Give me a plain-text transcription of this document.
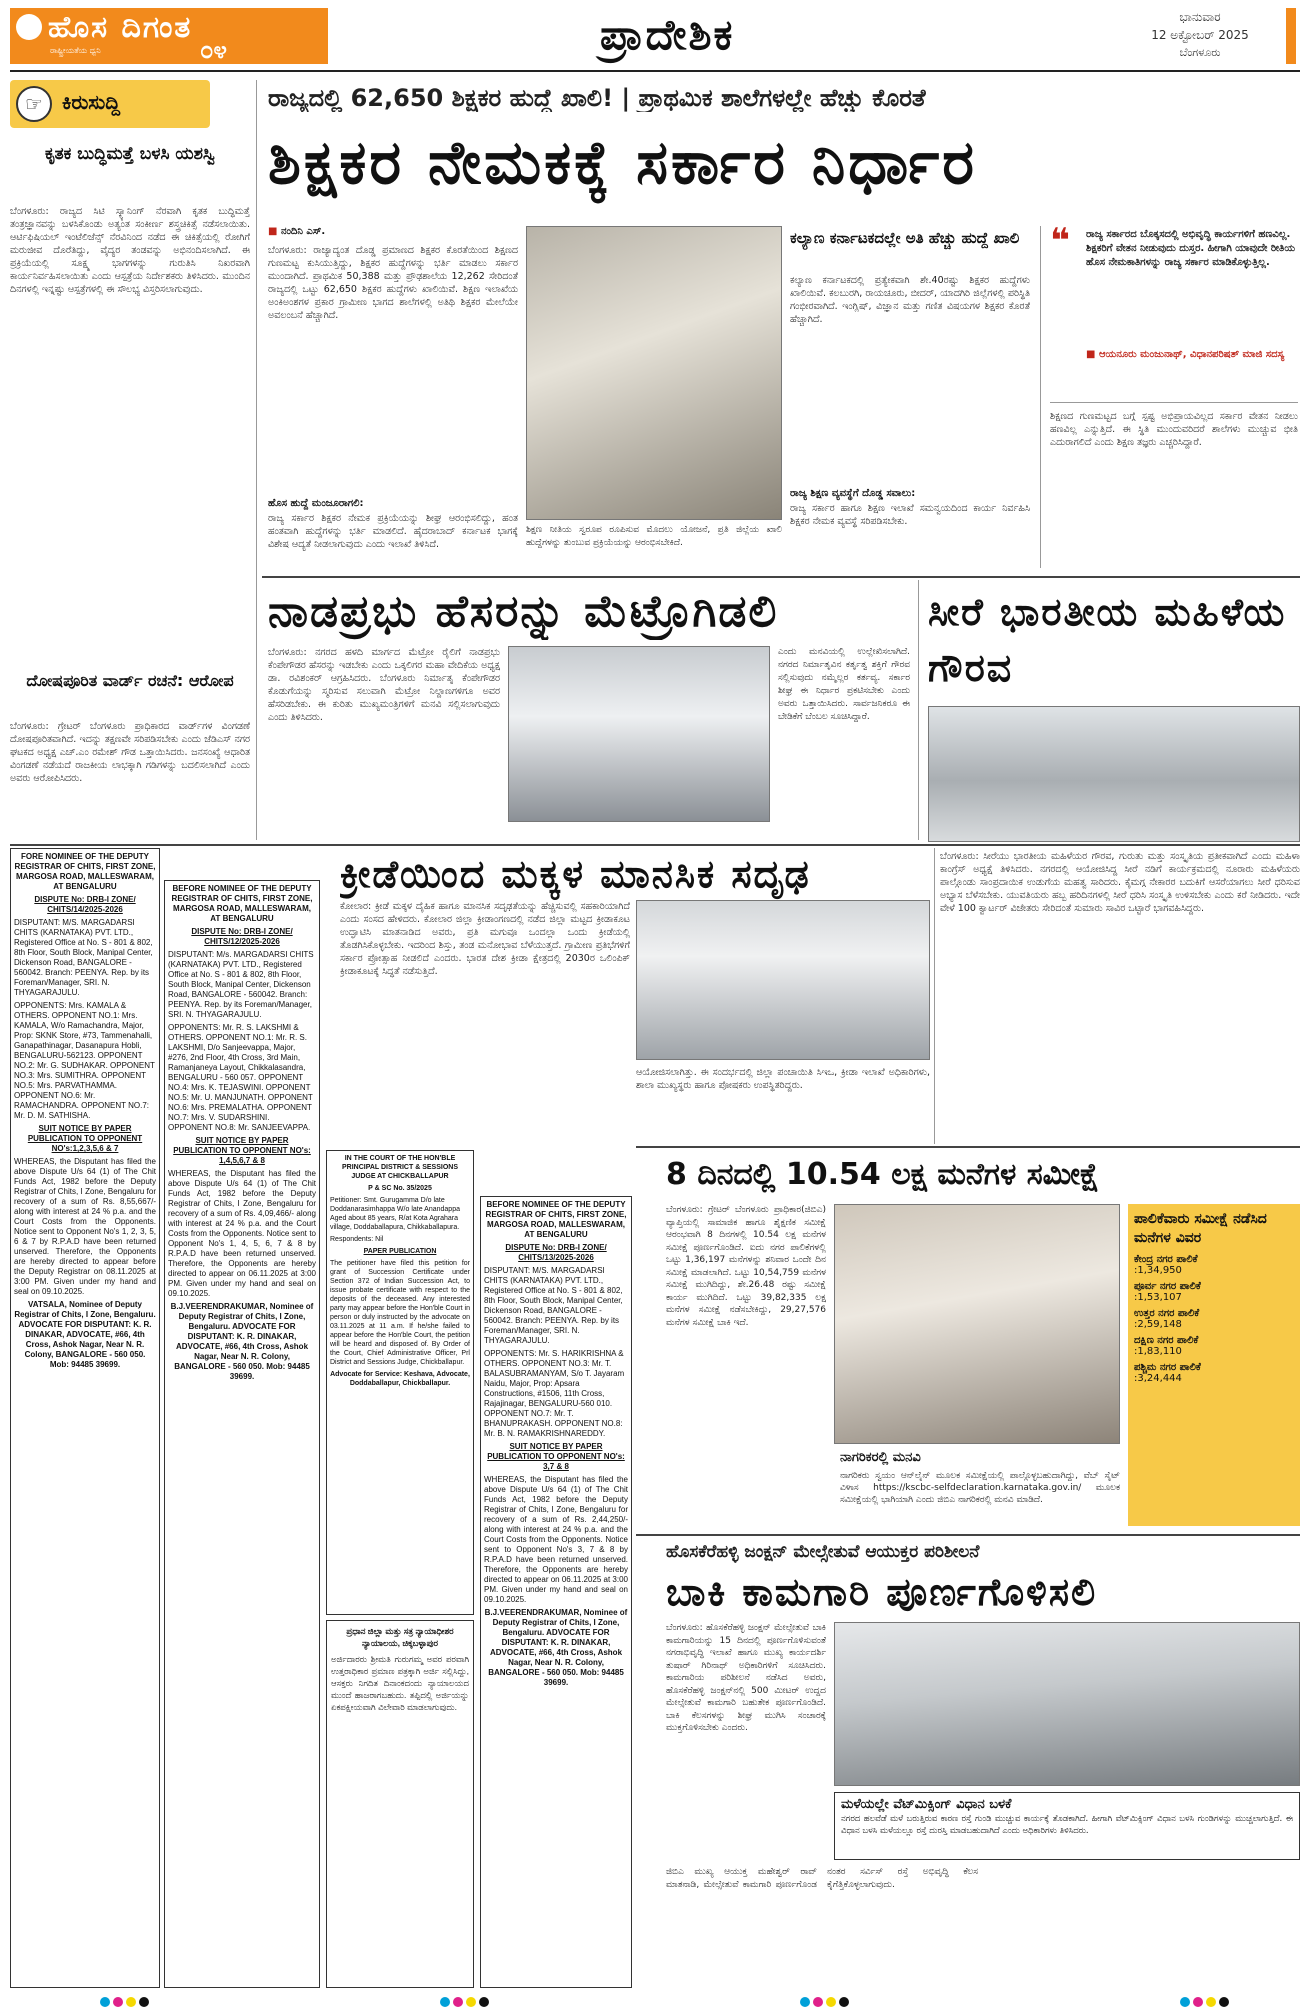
ಹೊಸ ದಿಗಂತ
ರಾಷ್ಟ್ರೀಯತೆಯ ಧ್ವನಿ	೦೪	ಪ್ರಾದೇಶಿಕ	ಭಾನುವಾರ
12 ಅಕ್ಟೋಬರ್ 2025
ಬೆಂಗಳೂರು
☞ ಕಿರುಸುದ್ದಿ
ಕೃತಕ ಬುದ್ಧಿಮತ್ತೆ ಬಳಸಿ ಯಶಸ್ವಿ
ಬೆಂಗಳೂರು: ರಾಜ್ಯದ ಸಿಟಿ ಸ್ಕ್ಯಾನಿಂಗ್ ನೆರವಾಗಿ ಕೃತಕ ಬುದ್ಧಿಮತ್ತೆ ತಂತ್ರಜ್ಞಾನವನ್ನು ಬಳಸಿಕೊಂಡು ಅತ್ಯಂತ ಸಂಕೀರ್ಣ ಶಸ್ತ್ರಚಿಕಿತ್ಸೆ ನಡೆಸಲಾಯಿತು. ಆರ್ಟಿಫಿಷಿಯಲ್ ಇಂಟೆಲಿಜೆನ್ಸ್ ನೆರವಿನಿಂದ ನಡೆದ ಈ ಚಿಕಿತ್ಸೆಯಲ್ಲಿ ರೋಗಿಗೆ ಮರುಜೀವ ದೊರೆತಿದ್ದು, ವೈದ್ಯರ ತಂಡವನ್ನು ಅಭಿನಂದಿಸಲಾಗಿದೆ. ಈ ಪ್ರಕ್ರಿಯೆಯಲ್ಲಿ ಸೂಕ್ಷ್ಮ ಭಾಗಗಳನ್ನು ಗುರುತಿಸಿ ನಿಖರವಾಗಿ ಕಾರ್ಯನಿರ್ವಹಿಸಲಾಯಿತು ಎಂದು ಆಸ್ಪತ್ರೆಯ ನಿರ್ದೇಶಕರು ತಿಳಿಸಿದರು. ಮುಂದಿನ ದಿನಗಳಲ್ಲಿ ಇನ್ನಷ್ಟು ಆಸ್ಪತ್ರೆಗಳಲ್ಲಿ ಈ ಸೌಲಭ್ಯ ವಿಸ್ತರಿಸಲಾಗುವುದು.
ದೋಷಪೂರಿತ ವಾರ್ಡ್ ರಚನೆ: ಆರೋಪ
ಬೆಂಗಳೂರು: ಗ್ರೇಟರ್ ಬೆಂಗಳೂರು ಪ್ರಾಧಿಕಾರದ ವಾರ್ಡ್‌ಗಳ ವಿಂಗಡಣೆ ದೋಷಪೂರಿತವಾಗಿದೆ. ಇದನ್ನು ತಕ್ಷಣವೇ ಸರಿಪಡಿಸಬೇಕು ಎಂದು ಜೆಡಿಎಸ್ ನಗರ ಘಟಕದ ಅಧ್ಯಕ್ಷ ಎಚ್.ಎಂ ರಮೇಶ್ ಗೌಡ ಒತ್ತಾಯಿಸಿದರು. ಜನಸಂಖ್ಯೆ ಆಧಾರಿತ ವಿಂಗಡಣೆ ನಡೆಯದೆ ರಾಜಕೀಯ ಲಾಭಕ್ಕಾಗಿ ಗಡಿಗಳನ್ನು ಬದಲಿಸಲಾಗಿದೆ ಎಂದು ಅವರು ಆರೋಪಿಸಿದರು.
ರಾಜ್ಯದಲ್ಲಿ 62,650 ಶಿಕ್ಷಕರ ಹುದ್ದೆ ಖಾಲಿ! | ಪ್ರಾಥಮಿಕ ಶಾಲೆಗಳಲ್ಲೇ ಹೆಚ್ಚು ಕೊರತೆ
ಶಿಕ್ಷಕರ ನೇಮಕಕ್ಕೆ ಸರ್ಕಾರ ನಿರ್ಧಾರ
■ ನಂದಿನಿ ಎಸ್.
ಬೆಂಗಳೂರು: ರಾಜ್ಯಾದ್ಯಂತ ದೊಡ್ಡ ಪ್ರಮಾಣದ ಶಿಕ್ಷಕರ ಕೊರತೆಯಿಂದ ಶಿಕ್ಷಣದ ಗುಣಮಟ್ಟ ಕುಸಿಯುತ್ತಿದ್ದು, ಶಿಕ್ಷಕರ ಹುದ್ದೆಗಳನ್ನು ಭರ್ತಿ ಮಾಡಲು ಸರ್ಕಾರ ಮುಂದಾಗಿದೆ. ಪ್ರಾಥಮಿಕ 50,388 ಮತ್ತು ಪ್ರೌಢಶಾಲೆಯ 12,262 ಸೇರಿದಂತೆ ರಾಜ್ಯದಲ್ಲಿ ಒಟ್ಟು 62,650 ಶಿಕ್ಷಕರ ಹುದ್ದೆಗಳು ಖಾಲಿಯಿವೆ. ಶಿಕ್ಷಣ ಇಲಾಖೆಯ ಅಂಕಿಅಂಶಗಳ ಪ್ರಕಾರ ಗ್ರಾಮೀಣ ಭಾಗದ ಶಾಲೆಗಳಲ್ಲಿ ಅತಿಥಿ ಶಿಕ್ಷಕರ ಮೇಲೆಯೇ ಅವಲಂಬನೆ ಹೆಚ್ಚಾಗಿದೆ.
ಹೊಸ ಹುದ್ದೆ ಮಂಜೂರಾಗಲಿ:
ರಾಜ್ಯ ಸರ್ಕಾರ ಶಿಕ್ಷಕರ ನೇಮಕ ಪ್ರಕ್ರಿಯೆಯನ್ನು ಶೀಘ್ರ ಆರಂಭಿಸಲಿದ್ದು, ಹಂತ ಹಂತವಾಗಿ ಹುದ್ದೆಗಳನ್ನು ಭರ್ತಿ ಮಾಡಲಿದೆ. ಹೈದರಾಬಾದ್ ಕರ್ನಾಟಕ ಭಾಗಕ್ಕೆ ವಿಶೇಷ ಆದ್ಯತೆ ನೀಡಲಾಗುವುದು ಎಂದು ಇಲಾಖೆ ತಿಳಿಸಿದೆ.
ಶಿಕ್ಷಣ ನೀತಿಯ ಸ್ವರೂಪ ರೂಪಿಸುವ ಮೊದಲು ಯೋಜನೆ, ಪ್ರತಿ ಜಿಲ್ಲೆಯ ಖಾಲಿ ಹುದ್ದೆಗಳನ್ನು ತುಂಬುವ ಪ್ರಕ್ರಿಯೆಯನ್ನು ಆರಂಭಿಸಬೇಕಿದೆ.
ಕಲ್ಯಾಣ ಕರ್ನಾಟಕದಲ್ಲೇ ಅತಿ ಹೆಚ್ಚು ಹುದ್ದೆ ಖಾಲಿ
ಕಲ್ಯಾಣ ಕರ್ನಾಟಕದಲ್ಲಿ ಪ್ರತ್ಯೇಕವಾಗಿ ಶೇ.40ರಷ್ಟು ಶಿಕ್ಷಕರ ಹುದ್ದೆಗಳು ಖಾಲಿಯಿವೆ. ಕಲಬುರಗಿ, ರಾಯಚೂರು, ಬೀದರ್, ಯಾದಗಿರಿ ಜಿಲ್ಲೆಗಳಲ್ಲಿ ಪರಿಸ್ಥಿತಿ ಗಂಭೀರವಾಗಿದೆ. ಇಂಗ್ಲಿಷ್, ವಿಜ್ಞಾನ ಮತ್ತು ಗಣಿತ ವಿಷಯಗಳ ಶಿಕ್ಷಕರ ಕೊರತೆ ಹೆಚ್ಚಾಗಿದೆ.
ರಾಜ್ಯ ಶಿಕ್ಷಣ ವ್ಯವಸ್ಥೆಗೆ ದೊಡ್ಡ ಸವಾಲು:
ರಾಜ್ಯ ಸರ್ಕಾರ ಹಾಗೂ ಶಿಕ್ಷಣ ಇಲಾಖೆ ಸಮನ್ವಯದಿಂದ ಕಾರ್ಯ ನಿರ್ವಹಿಸಿ ಶಿಕ್ಷಕರ ನೇಮಕ ವ್ಯವಸ್ಥೆ ಸರಿಪಡಿಸಬೇಕು.
❝ ರಾಜ್ಯ ಸರ್ಕಾರದ ಬೊಕ್ಕಸದಲ್ಲಿ ಅಭಿವೃದ್ಧಿ ಕಾರ್ಯಗಳಿಗೆ ಹಣವಿಲ್ಲ. ಶಿಕ್ಷಕರಿಗೆ ವೇತನ ನೀಡುವುದು ದುಸ್ತರ. ಹೀಗಾಗಿ ಯಾವುದೇ ರೀತಿಯ ಹೊಸ ನೇಮಕಾತಿಗಳನ್ನು ರಾಜ್ಯ ಸರ್ಕಾರ ಮಾಡಿಕೊಳ್ಳುತ್ತಿಲ್ಲ.
■ ಆಯನೂರು ಮಂಜುನಾಥ್, ವಿಧಾನಪರಿಷತ್ ಮಾಜಿ ಸದಸ್ಯ
ಶಿಕ್ಷಣದ ಗುಣಮಟ್ಟದ ಬಗ್ಗೆ ಸ್ಪಷ್ಟ ಅಭಿಪ್ರಾಯವಿಲ್ಲದ ಸರ್ಕಾರ ವೇತನ ನೀಡಲು ಹಣವಿಲ್ಲ ಎನ್ನುತ್ತಿದೆ. ಈ ಸ್ಥಿತಿ ಮುಂದುವರಿದರೆ ಶಾಲೆಗಳು ಮುಚ್ಚುವ ಭೀತಿ ಎದುರಾಗಲಿದೆ ಎಂದು ಶಿಕ್ಷಣ ತಜ್ಞರು ಎಚ್ಚರಿಸಿದ್ದಾರೆ.
ನಾಡಪ್ರಭು ಹೆಸರನ್ನು ಮೆಟ್ರೊಗಿಡಲಿ
ಬೆಂಗಳೂರು: ನಗರದ ಹಳದಿ ಮಾರ್ಗದ ಮೆಟ್ರೋ ರೈಲಿಗೆ ನಾಡಪ್ರಭು ಕೆಂಪೇಗೌಡರ ಹೆಸರನ್ನು ಇಡಬೇಕು ಎಂದು ಒಕ್ಕಲಿಗರ ಮಹಾ ವೇದಿಕೆಯ ಅಧ್ಯಕ್ಷ ಡಾ. ರವಿಶಂಕರ್ ಆಗ್ರಹಿಸಿದರು. ಬೆಂಗಳೂರು ನಿರ್ಮಾತೃ ಕೆಂಪೇಗೌಡರ ಕೊಡುಗೆಯನ್ನು ಸ್ಮರಿಸುವ ಸಲುವಾಗಿ ಮೆಟ್ರೋ ನಿಲ್ದಾಣಗಳಿಗೂ ಅವರ ಹೆಸರಿಡಬೇಕು. ಈ ಕುರಿತು ಮುಖ್ಯಮಂತ್ರಿಗಳಿಗೆ ಮನವಿ ಸಲ್ಲಿಸಲಾಗುವುದು ಎಂದು ತಿಳಿಸಿದರು.
ಎಂದು ಮನವಿಯಲ್ಲಿ ಉಲ್ಲೇಖಿಸಲಾಗಿದೆ. ನಗರದ ನಿರ್ಮಾತೃವಿನ ಕರ್ತೃತ್ವ ಶಕ್ತಿಗೆ ಗೌರವ ಸಲ್ಲಿಸುವುದು ನಮ್ಮೆಲ್ಲರ ಕರ್ತವ್ಯ. ಸರ್ಕಾರ ಶೀಘ್ರ ಈ ನಿರ್ಧಾರ ಪ್ರಕಟಿಸಬೇಕು ಎಂದು ಅವರು ಒತ್ತಾಯಿಸಿದರು. ಸಾರ್ವಜನಿಕರೂ ಈ ಬೇಡಿಕೆಗೆ ಬೆಂಬಲ ಸೂಚಿಸಿದ್ದಾರೆ.
ಸೀರೆ ಭಾರತೀಯ ಮಹಿಳೆಯ ಗೌರವ
FORE NOMINEE OF THE DEPUTY REGISTRAR OF CHITS, FIRST ZONE, MARGOSA ROAD, MALLESWARAM, AT BENGALURU
DISPUTE No: DRB-I ZONE/ CHITS/14/2025-2026
DISPUTANT: M/S. MARGADARSI CHITS (KARNATAKA) PVT. LTD., Registered Office at No. S - 801 & 802, 8th Floor, South Block, Manipal Center, Dickenson Road, BANGALORE - 560042. Branch: PEENYA. Rep. by its Foreman/Manager, SRI. N. THYAGARAJULU.
OPPONENTS: Mrs. KAMALA & OTHERS. OPPONENT NO.1: Mrs. KAMALA, W/o Ramachandra, Major, Prop: SKNK Store, #73, Tammenahalli, Ganapathinagar, Dasanapura Hobli, BENGALURU-562123. OPPONENT NO.2: Mr. G. SUDHAKAR. OPPONENT NO.3: Mrs. SUMITHRA. OPPONENT NO.5: Mrs. PARVATHAMMA. OPPONENT NO.6: Mr. RAMACHANDRA. OPPONENT NO.7: Mr. D. M. SATHISHA.
SUIT NOTICE BY PAPER PUBLICATION TO OPPONENT NO's:1,2,3,5,6 & 7
WHEREAS, the Disputant has filed the above Dispute U/s 64 (1) of The Chit Funds Act, 1982 before the Deputy Registrar of Chits, I Zone, Bengaluru for recovery of a sum of Rs. 8,55,667/- along with interest at 24 % p.a. and the Court Costs from the Opponents. Notice sent to Opponent No's 1, 2, 3, 5, 6 & 7 by R.P.A.D have been returned unserved. Therefore, the Opponents are hereby directed to appear before the Deputy Registrar on 08.11.2025 at 3:00 PM. Given under my hand and seal on 09.10.2025.
VATSALA, Nominee of Deputy Registrar of Chits, I Zone, Bengaluru. ADVOCATE FOR DISPUTANT: K. R. DINAKAR, ADVOCATE, #66, 4th Cross, Ashok Nagar, Near N. R. Colony, BANGALORE - 560 050. Mob: 94485 39699.
BEFORE NOMINEE OF THE DEPUTY REGISTRAR OF CHITS, FIRST ZONE, MARGOSA ROAD, MALLESWARAM, AT BENGALURU
DISPUTE No: DRB-I ZONE/ CHITS/12/2025-2026
DISPUTANT: M/s. MARGADARSI CHITS (KARNATAKA) PVT. LTD., Registered Office at No. S - 801 & 802, 8th Floor, South Block, Manipal Center, Dickenson Road, BANGALORE - 560042. Branch: PEENYA. Rep. by its Foreman/Manager, SRI. N. THYAGARAJULU.
OPPONENTS: Mr. R. S. LAKSHMI & OTHERS. OPPONENT NO.1: Mr. R. S. LAKSHMI, D/o Sanjeevappa, Major, #276, 2nd Floor, 4th Cross, 3rd Main, Ramanjaneya Layout, Chikkalasandra, BENGALURU - 560 057. OPPONENT NO.4: Mrs. K. TEJASWINI. OPPONENT NO.5: Mr. U. MANJUNATH. OPPONENT NO.6: Mrs. PREMALATHA. OPPONENT NO.7: Mrs. V. SUDARSHINI. OPPONENT NO.8: Mr. SANJEEVAPPA.
SUIT NOTICE BY PAPER PUBLICATION TO OPPONENT NO's: 1,4,5,6,7 & 8
WHEREAS, the Disputant has filed the above Dispute U/s 64 (1) of The Chit Funds Act, 1982 before the Deputy Registrar of Chits, I Zone, Bengaluru for recovery of a sum of Rs. 4,09,466/- along with interest at 24 % p.a. and the Court Costs from the Opponents. Notice sent to Opponent No's 1, 4, 5, 6, 7 & 8 by R.P.A.D have been returned unserved. Therefore, the Opponents are hereby directed to appear on 06.11.2025 at 3:00 PM. Given under my hand and seal on 09.10.2025.
B.J.VEERENDRAKUMAR, Nominee of Deputy Registrar of Chits, I Zone, Bengaluru. ADVOCATE FOR DISPUTANT: K. R. DINAKAR, ADVOCATE, #66, 4th Cross, Ashok Nagar, Near N. R. Colony, BANGALORE - 560 050. Mob: 94485 39699.
IN THE COURT OF THE HON'BLE PRINCIPAL DISTRICT & SESSIONS JUDGE AT CHICKBALLAPUR
P & SC No. 35/2025
Petitioner: Smt. Gurugamma D/o late Doddanarasimhappa W/o late Anandappa Aged about 85 years, R/at Kota Agrahara village, Doddaballapura, Chikkaballapura.
Respondents: Nil
PAPER PUBLICATION
The petitioner have filed this petition for grant of Succession Certificate under Section 372 of Indian Succession Act, to issue probate certificate with respect to the deposits of the deceased. Any interested party may appear before the Hon'ble Court in person or duly instructed by the advocate on 03.11.2025 at 11 a.m. If he/she failed to appear before the Hon'ble Court, the petition will be heard and disposed of. By Order of the Court, Chief Administrative Officer, Prl District and Sessions Judge, Chickballapur.
Advocate for Service: Keshava, Advocate, Doddaballapur, Chickballapur.
ಪ್ರಧಾನ ಜಿಲ್ಲಾ ಮತ್ತು ಸತ್ರ ನ್ಯಾಯಾಧೀಶರ ನ್ಯಾಯಾಲಯ, ಚಿಕ್ಕಬಳ್ಳಾಪುರ
ಅರ್ಜಿದಾರರು ಶ್ರೀಮತಿ ಗುರುಗಮ್ಮ ಅವರ ಪರವಾಗಿ ಉತ್ತರಾಧಿಕಾರ ಪ್ರಮಾಣ ಪತ್ರಕ್ಕಾಗಿ ಅರ್ಜಿ ಸಲ್ಲಿಸಿದ್ದು, ಆಸಕ್ತರು ನಿಗದಿತ ದಿನಾಂಕದಂದು ನ್ಯಾಯಾಲಯದ ಮುಂದೆ ಹಾಜರಾಗಬಹುದು. ತಪ್ಪಿದಲ್ಲಿ ಅರ್ಜಿಯನ್ನು ಏಕಪಕ್ಷೀಯವಾಗಿ ವಿಲೇವಾರಿ ಮಾಡಲಾಗುವುದು.
BEFORE NOMINEE OF THE DEPUTY REGISTRAR OF CHITS, FIRST ZONE, MARGOSA ROAD, MALLESWARAM, AT BENGALURU
DISPUTE No: DRB-I ZONE/ CHITS/13/2025-2026
DISPUTANT: M/S. MARGADARSI CHITS (KARNATAKA) PVT. LTD., Registered Office at No. S - 801 & 802, 8th Floor, South Block, Manipal Center, Dickenson Road, BANGALORE - 560042. Branch: PEENYA. Rep. by its Foreman/Manager, SRI. N. THYAGARAJULU.
OPPONENTS: Mr. S. HARIKRISHNA & OTHERS. OPPONENT NO.3: Mr. T. BALASUBRAMANYAM, S/o T. Jayaram Naidu, Major, Prop: Apsara Constructions, #1506, 11th Cross, Rajajinagar, BENGALURU-560 010. OPPONENT NO.7: Mr. T. BHANUPRAKASH. OPPONENT NO.8: Mr. B. N. RAMAKRISHNAREDDY.
SUIT NOTICE BY PAPER PUBLICATION TO OPPONENT NO's: 3,7 & 8
WHEREAS, the Disputant has filed the above Dispute U/s 64 (1) of The Chit Funds Act, 1982 before the Deputy Registrar of Chits, I Zone, Bengaluru for recovery of a sum of Rs. 2,44,250/- along with interest at 24 % p.a. and the Court Costs from the Opponents. Notice sent to Opponent No's 3, 7 & 8 by R.P.A.D have been returned unserved. Therefore, the Opponents are hereby directed to appear on 06.11.2025 at 3:00 PM. Given under my hand and seal on 09.10.2025.
B.J.VEERENDRAKUMAR, Nominee of Deputy Registrar of Chits, I Zone, Bengaluru. ADVOCATE FOR DISPUTANT: K. R. DINAKAR, ADVOCATE, #66, 4th Cross, Ashok Nagar, Near N. R. Colony, BANGALORE - 560 050. Mob: 94485 39699.
ಕ್ರೀಡೆಯಿಂದ ಮಕ್ಕಳ ಮಾನಸಿಕ ಸದೃಢ
ಕೋಲಾರ: ಕ್ರೀಡೆ ಮಕ್ಕಳ ದೈಹಿಕ ಹಾಗೂ ಮಾನಸಿಕ ಸದೃಢತೆಯನ್ನು ಹೆಚ್ಚಿಸುವಲ್ಲಿ ಸಹಕಾರಿಯಾಗಿದೆ ಎಂದು ಸಂಸದ ಹೇಳಿದರು. ಕೋಲಾರ ಜಿಲ್ಲಾ ಕ್ರೀಡಾಂಗಣದಲ್ಲಿ ನಡೆದ ಜಿಲ್ಲಾ ಮಟ್ಟದ ಕ್ರೀಡಾಕೂಟ ಉದ್ಘಾಟಿಸಿ ಮಾತನಾಡಿದ ಅವರು, ಪ್ರತಿ ಮಗುವೂ ಒಂದಲ್ಲಾ ಒಂದು ಕ್ರೀಡೆಯಲ್ಲಿ ತೊಡಗಿಸಿಕೊಳ್ಳಬೇಕು. ಇದರಿಂದ ಶಿಸ್ತು, ತಂಡ ಮನೋಭಾವ ಬೆಳೆಯುತ್ತದೆ. ಗ್ರಾಮೀಣ ಪ್ರತಿಭೆಗಳಿಗೆ ಸರ್ಕಾರ ಪ್ರೋತ್ಸಾಹ ನೀಡಲಿದೆ ಎಂದರು. ಭಾರತ ದೇಶ ಕ್ರೀಡಾ ಕ್ಷೇತ್ರದಲ್ಲಿ 2030ರ ಒಲಿಂಪಿಕ್ ಕ್ರೀಡಾಕೂಟಕ್ಕೆ ಸಿದ್ಧತೆ ನಡೆಸುತ್ತಿದೆ.
ಆಯೋಜಿಸಲಾಗಿತ್ತು. ಈ ಸಂದರ್ಭದಲ್ಲಿ ಜಿಲ್ಲಾ ಪಂಚಾಯಿತಿ ಸಿಇಒ, ಕ್ರೀಡಾ ಇಲಾಖೆ ಅಧಿಕಾರಿಗಳು, ಶಾಲಾ ಮುಖ್ಯಸ್ಥರು ಹಾಗೂ ಪೋಷಕರು ಉಪಸ್ಥಿತರಿದ್ದರು.
ಬೆಂಗಳೂರು: ಸೀರೆಯು ಭಾರತೀಯ ಮಹಿಳೆಯರ ಗೌರವ, ಗುರುತು ಮತ್ತು ಸಂಸ್ಕೃತಿಯ ಪ್ರತೀಕವಾಗಿದೆ ಎಂದು ಮಹಿಳಾ ಕಾಂಗ್ರೆಸ್ ಅಧ್ಯಕ್ಷೆ ತಿಳಿಸಿದರು. ನಗರದಲ್ಲಿ ಆಯೋಜಿಸಿದ್ದ ಸೀರೆ ನಡಿಗೆ ಕಾರ್ಯಕ್ರಮದಲ್ಲಿ ನೂರಾರು ಮಹಿಳೆಯರು ಪಾಲ್ಗೊಂಡು ಸಾಂಪ್ರದಾಯಿಕ ಉಡುಗೆಯ ಮಹತ್ವ ಸಾರಿದರು. ಕೈಮಗ್ಗ ನೇಕಾರರ ಬದುಕಿಗೆ ಆಸರೆಯಾಗಲು ಸೀರೆ ಧರಿಸುವ ಅಭ್ಯಾಸ ಬೆಳೆಸಬೇಕು. ಯುವತಿಯರು ಹಬ್ಬ ಹರಿದಿನಗಳಲ್ಲಿ ಸೀರೆ ಧರಿಸಿ ಸಂಸ್ಕೃತಿ ಉಳಿಸಬೇಕು ಎಂದು ಕರೆ ನೀಡಿದರು. ಇದೇ ವೇಳೆ 100 ಕ್ವಾರ್ಟರ್ ವಿಜೇತರು ಸೇರಿದಂತೆ ಸುಮಾರು ಸಾವಿರ ಒಟ್ಟಾರೆ ಭಾಗವಹಿಸಿದ್ದರು.
8 ದಿನದಲ್ಲಿ 10.54 ಲಕ್ಷ ಮನೆಗಳ ಸಮೀಕ್ಷೆ
ಬೆಂಗಳೂರು: ಗ್ರೇಟರ್ ಬೆಂಗಳೂರು ಪ್ರಾಧಿಕಾರ(ಜಿಬಿಎ) ವ್ಯಾಪ್ತಿಯಲ್ಲಿ ಸಾಮಾಜಿಕ ಹಾಗೂ ಶೈಕ್ಷಣಿಕ ಸಮೀಕ್ಷೆ ಆರಂಭವಾಗಿ 8 ದಿನಗಳಲ್ಲಿ 10.54 ಲಕ್ಷ ಮನೆಗಳ ಸಮೀಕ್ಷೆ ಪೂರ್ಣಗೊಂಡಿದೆ. ಐದು ನಗರ ಪಾಲಿಕೆಗಳಲ್ಲಿ ಒಟ್ಟು 1,36,197 ಮನೆಗಳನ್ನು ಶನಿವಾರ ಒಂದೇ ದಿನ ಸಮೀಕ್ಷೆ ಮಾಡಲಾಗಿದೆ. ಒಟ್ಟು 10,54,759 ಮನೆಗಳ ಸಮೀಕ್ಷೆ ಮುಗಿದಿದ್ದು, ಶೇ.26.48 ರಷ್ಟು ಸಮೀಕ್ಷೆ ಕಾರ್ಯ ಮುಗಿದಿದೆ. ಒಟ್ಟು 39,82,335 ಲಕ್ಷ ಮನೆಗಳ ಸಮೀಕ್ಷೆ ನಡೆಸಬೇಕಿದ್ದು, 29,27,576 ಮನೆಗಳ ಸಮೀಕ್ಷೆ ಬಾಕಿ ಇದೆ.
ನಾಗರಿಕರಲ್ಲಿ ಮನವಿ
ನಾಗರಿಕರು ಸ್ವಯಂ ಆನ್‌ಲೈನ್ ಮೂಲಕ ಸಮೀಕ್ಷೆಯಲ್ಲಿ ಪಾಲ್ಗೊಳ್ಳಬಹುದಾಗಿದ್ದು, ವೆಬ್ ಸೈಟ್ ವಿಳಾಸ https://kscbc-selfdeclaration.karnataka.gov.in/ ಮೂಲಕ ಸಮೀಕ್ಷೆಯಲ್ಲಿ ಭಾಗಿಯಾಗಿ ಎಂದು ಜಿಬಿಎ ನಾಗರಿಕರಲ್ಲಿ ಮನವಿ ಮಾಡಿದೆ.
ಪಾಲಿಕೆವಾರು ಸಮೀಕ್ಷೆ ನಡೆಸಿದ ಮನೆಗಳ ವಿವರ
ಕೇಂದ್ರ ನಗರ ಪಾಲಿಕೆ
:1,34,950
ಪೂರ್ವ ನಗರ ಪಾಲಿಕೆ
:1,53,107
ಉತ್ತರ ನಗರ ಪಾಲಿಕೆ
:2,59,148
ದಕ್ಷಿಣ ನಗರ ಪಾಲಿಕೆ
:1,83,110
ಪಶ್ಚಿಮ ನಗರ ಪಾಲಿಕೆ
:3,24,444
ಹೊಸಕೆರೆಹಳ್ಳಿ ಜಂಕ್ಷನ್ ಮೇಲ್ಸೇತುವೆ ಆಯುಕ್ತರ ಪರಿಶೀಲನೆ
ಬಾಕಿ ಕಾಮಗಾರಿ ಪೂರ್ಣಗೊಳಿಸಲಿ
ಬೆಂಗಳೂರು: ಹೊಸಕೆರೆಹಳ್ಳಿ ಜಂಕ್ಷನ್ ಮೇಲ್ಸೇತುವೆ ಬಾಕಿ ಕಾಮಗಾರಿಯನ್ನು 15 ದಿನದಲ್ಲಿ ಪೂರ್ಣಗೊಳಿಸುವಂತೆ ನಗರಾಭಿವೃದ್ಧಿ ಇಲಾಖೆ ಹಾಗೂ ಮುಖ್ಯ ಕಾರ್ಯದರ್ಶಿ ತುಷಾರ್ ಗಿರಿನಾಥ್ ಅಧಿಕಾರಿಗಳಿಗೆ ಸೂಚಿಸಿದರು. ಕಾಮಗಾರಿಯ ಪರಿಶೀಲನೆ ನಡೆಸಿದ ಅವರು, ಹೊಸಕೆರೆಹಳ್ಳಿ ಜಂಕ್ಷನ್‌ನಲ್ಲಿ 500 ಮೀಟರ್ ಉದ್ದದ ಮೇಲ್ಸೇತುವೆ ಕಾಮಗಾರಿ ಬಹುತೇಕ ಪೂರ್ಣಗೊಂಡಿದೆ. ಬಾಕಿ ಕೆಲಸಗಳನ್ನು ಶೀಘ್ರ ಮುಗಿಸಿ ಸಂಚಾರಕ್ಕೆ ಮುಕ್ತಗೊಳಿಸಬೇಕು ಎಂದರು.
ಮಳೆಯಲ್ಲೇ ವೆಟ್‌ಮಿಕ್ಸಿಂಗ್ ವಿಧಾನ ಬಳಕೆ
ನಗರದ ಹಲವೆಡೆ ಮಳೆ ಬರುತ್ತಿರುವ ಕಾರಣ ರಸ್ತೆ ಗುಂಡಿ ಮುಚ್ಚುವ ಕಾರ್ಯಕ್ಕೆ ತೊಡಕಾಗಿದೆ. ಹೀಗಾಗಿ ವೆಟ್‌ಮಿಕ್ಸಿಂಗ್ ವಿಧಾನ ಬಳಸಿ ಗುಂಡಿಗಳನ್ನು ಮುಚ್ಚಲಾಗುತ್ತಿದೆ. ಈ ವಿಧಾನ ಬಳಸಿ ಮಳೆಯಲ್ಲೂ ರಸ್ತೆ ದುರಸ್ತಿ ಮಾಡಬಹುದಾಗಿದೆ ಎಂದು ಅಧಿಕಾರಿಗಳು ತಿಳಿಸಿದರು.
ಜಿಬಿಎ ಮುಖ್ಯ ಆಯುಕ್ತ ಮಹೇಶ್ವರ್ ರಾವ್ ಮಾತನಾಡಿ, ಮೇಲ್ಸೇತುವೆ ಕಾಮಗಾರಿ ಪೂರ್ಣಗೊಂಡ ನಂತರ ಸರ್ವಿಸ್ ರಸ್ತೆ ಅಭಿವೃದ್ಧಿ ಕೆಲಸ ಕೈಗೆತ್ತಿಕೊಳ್ಳಲಾಗುವುದು.
